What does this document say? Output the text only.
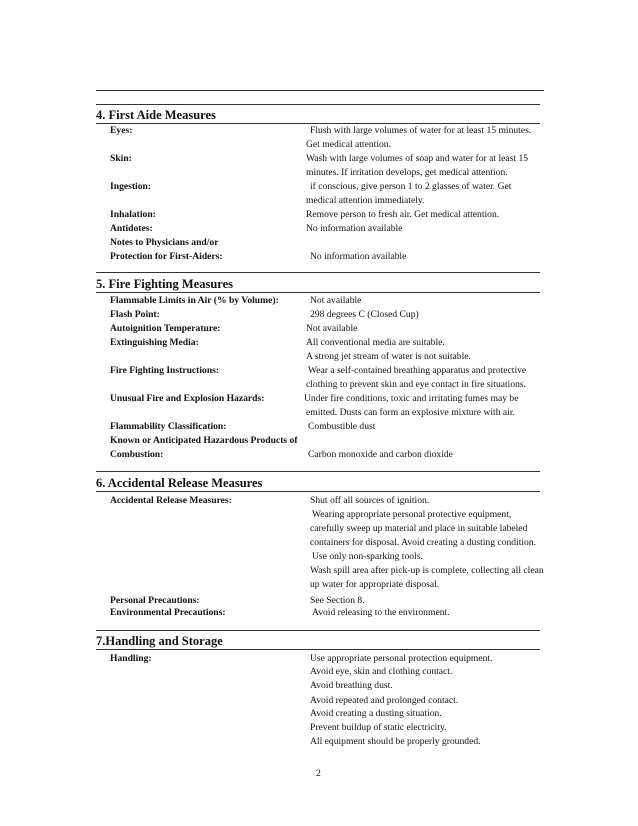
4. First Aide Measures
Eyes:	Flush with large volumes of water for at least 15 minutes.
Get medical attention.
Skin:	Wash with large volumes of soap and water for at least 15
minutes. If irritation develops, get medical attention.
Ingestion:	if conscious, give person 1 to 2 glasses of water. Get
medical attention immediately.
Inhalation:	Remove person to fresh air. Get medical attention.
Antidotes:	No information available
Notes to Physicians and/or
Protection for First-Aiders:	No information available
5. Fire Fighting Measures
Flammable Limits in Air (% by Volume):	Not available
Flash Point:	298 degrees C (Closed Cup)
Autoignition Temperature:	Not available
Extinguishing Media:	All conventional media are suitable.
A strong jet stream of water is not suitable.
Fire Fighting Instructions:	Wear a self-contained breathing apparatus and protective
clothing to prevent skin and eye contact in fire situations.
Unusual Fire and Explosion Hazards:	Under fire conditions, toxic and irritating fumes may be
emitted. Dusts can form an explosive mixture with air.
Flammability Classification:	Combustible dust
Known or Anticipated Hazardous Products of
Combustion:	Carbon monoxide and carbon dioxide
6. Accidental Release Measures
Accidental Release Measures:	Shut off all sources of ignition.
Wearing appropriate personal protective equipment,
carefully sweep up material and place in suitable labeled
containers for disposal. Avoid creating a dusting condition.
Use only non-sparking tools.
Wash spill area after pick-up is complete, collecting all clean
up water for appropriate disposal.
Personal Precautions:	See Section 8.
Environmental Precautions:	Avoid releasing to the environment.
7.Handling and Storage
Handling:	Use appropriate personal protection equipment.
Avoid eye, skin and clothing contact.
Avoid breathing dust.
Avoid repeated and prolonged contact.
Avoid creating a dusting situation.
Prevent buildup of static electricity.
All equipment should be properly grounded.
2
